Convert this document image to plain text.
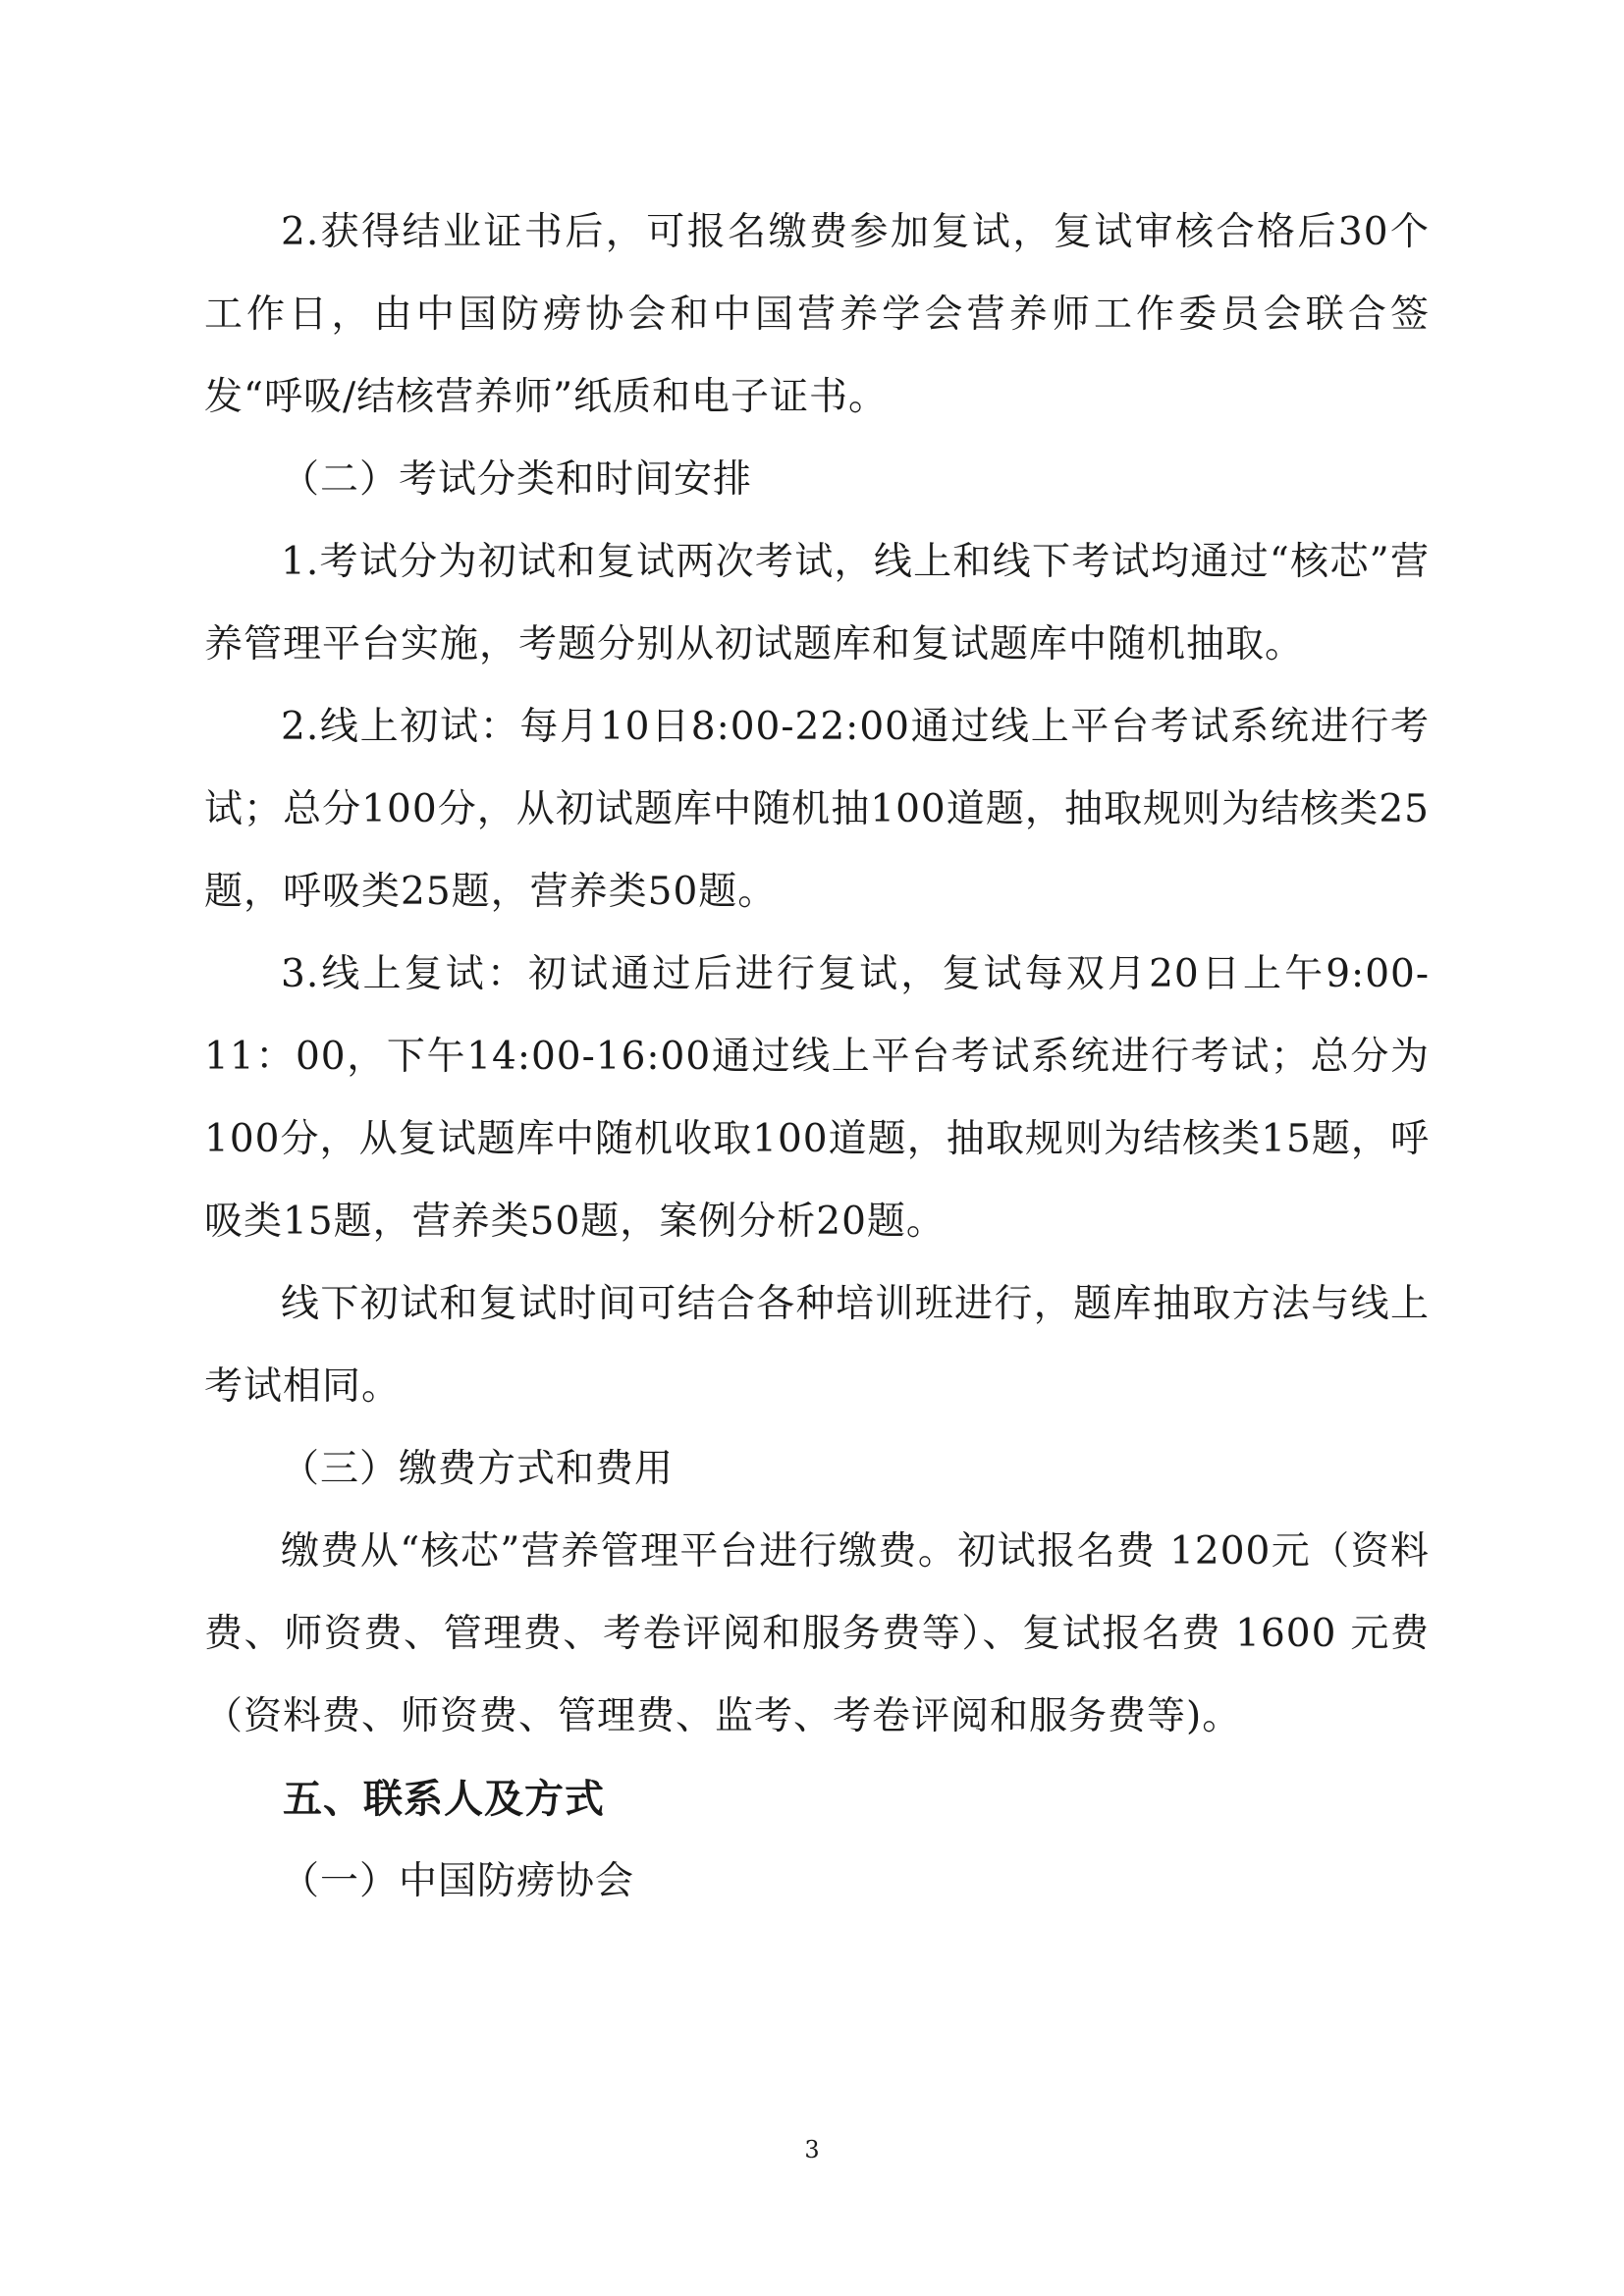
2.获得结业证书后，可报名缴费参加复试，复试审核合格后30个工作日，由中国防痨协会和中国营养学会营养师工作委员会联合签发“呼吸/结核营养师”纸质和电子证书。

（二）考试分类和时间安排

1.考试分为初试和复试两次考试，线上和线下考试均通过“核芯”营养管理平台实施，考题分别从初试题库和复试题库中随机抽取。

2.线上初试：每月10日8:00-22:00通过线上平台考试系统进行考试；总分100分，从初试题库中随机抽100道题，抽取规则为结核类25题，呼吸类25题，营养类50题。

3.线上复试：初试通过后进行复试，复试每双月20日上午9:00-11：00，下午14:00-16:00通过线上平台考试系统进行考试；总分为100分，从复试题库中随机收取100道题，抽取规则为结核类15题，呼吸类15题，营养类50题，案例分析20题。

线下初试和复试时间可结合各种培训班进行，题库抽取方法与线上考试相同。

（三）缴费方式和费用

缴费从“核芯”营养管理平台进行缴费。初试报名费 1200元（资料费、师资费、管理费、考卷评阅和服务费等）、复试报名费 1600 元费（资料费、师资费、管理费、监考、考卷评阅和服务费等)。

五、联系人及方式

（一）中国防痨协会

3
